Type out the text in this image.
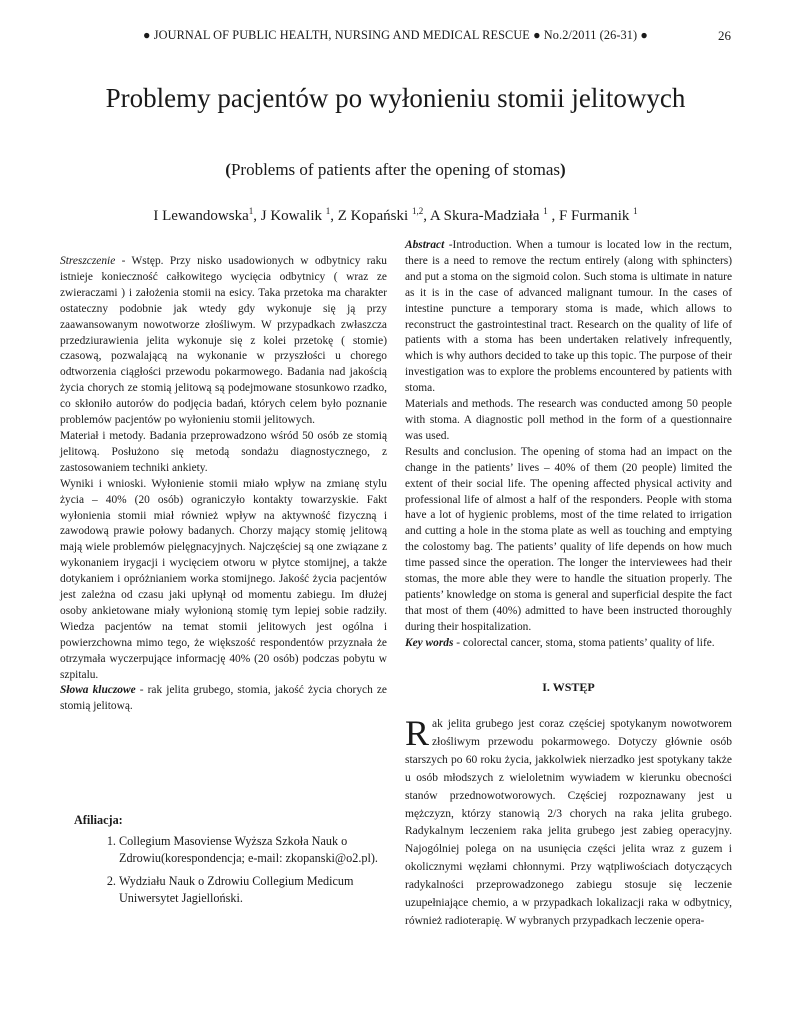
● JOURNAL OF PUBLIC HEALTH, NURSING AND MEDICAL RESCUE ● No.2/2011 (26-31) ●	26
Problemy pacjentów po wyłonieniu stomii jelitowych
(Problems of patients after the opening of stomas)
I Lewandowska$^1$, J Kowalik $^1$, Z Kopański $^{1,2}$, A Skura-Madziała $^1$ , F Furmanik $^1$

Streszczenie - Wstęp. Przy nisko usadowionych w odbytnicy raku istnieje konieczność całkowitego wycięcia odbytnicy ( wraz ze zwieraczami ) i założenia stomii na esicy. Taka przetoka ma charakter ostateczny podobnie jak wtedy gdy wykonuje się ją przy zaawansowanym nowotworze złośliwym. W przypadkach zwłaszcza przedziurawienia jelita wykonuje się z kolei przetokę ( stomie) czasową, pozwalającą na wykonanie w przyszłości u chorego odtworzenia ciągłości przewodu pokarmowego. Badania nad jakością życia chorych ze stomią jelitową są podejmowane stosunkowo rzadko, co skłoniło autorów do podjęcia badań, których celem było poznanie problemów pacjentów po wyłonieniu stomii jelitowych.

Materiał i metody. Badania przeprowadzono wśród 50 osób ze stomią jelitową. Posłużono się metodą sondażu diagnostycznego, z zastosowaniem techniki ankiety.

Wyniki i wnioski. Wyłonienie stomii miało wpływ na zmianę stylu życia – 40% (20 osób) ograniczyło kontakty towarzyskie. Fakt wyłonienia stomii miał również wpływ na aktywność fizyczną i zawodową prawie połowy badanych. Chorzy mający stomię jelitową mają wiele problemów pielęgnacyjnych. Najczęściej są one związane z wykonaniem irygacji i wycięciem otworu w płytce stomijnej, a także dotykaniem i opróżnianiem worka stomijnego. Jakość życia pacjentów jest zależna od czasu jaki upłynął od momentu zabiegu. Im dłużej osoby ankietowane miały wyłonioną stomię tym lepiej sobie radziły. Wiedza pacjentów na temat stomii jelitowych jest ogólna i powierzchowna mimo tego, że większość respondentów przyznała że otrzymała wyczerpujące informację 40% (20 osób) podczas pobytu w szpitalu.

Słowa kluczowe - rak jelita grubego, stomia, jakość życia chorych ze stomią jelitową.

Abstract -Introduction. When a tumour is located low in the rectum, there is a need to remove the rectum entirely (along with sphincters) and put a stoma on the sigmoid colon. Such stoma is ultimate in nature as it is in the case of advanced malignant tumour. In the cases of intestine puncture a temporary stoma is made, which allows to reconstruct the gastrointestinal tract. Research on the quality of life of patients with a stoma has been undertaken relatively infrequently, which is why authors decided to take up this topic. The purpose of their investigation was to explore the problems encountered by patients with stoma.

Materials and methods. The research was conducted among 50 people with stoma. A diagnostic poll method in the form of a questionnaire was used.

Results and conclusion. The opening of stoma had an impact on the change in the patients’ lives – 40% of them (20 people) limited the extent of their social life. The opening affected physical activity and professional life of almost a half of the responders. People with stoma have a lot of hygienic problems, most of the time related to irrigation and cutting a hole in the stoma plate as well as touching and emptying the colostomy bag. The patients’ quality of life depends on how much time passed since the operation. The longer the interviewees had their stomas, the more able they were to handle the situation properly. The patients’ knowledge on stoma is general and superficial despite the fact that most of them (40%) admitted to have been instructed thoroughly during their hospitalization.

Key words - colorectal cancer, stoma, stoma patients’ quality of life.

I. WSTĘP

Rak jelita grubego jest coraz częściej spotykanym nowotworem złośliwym przewodu pokarmowego. Dotyczy głównie osób starszych po 60 roku życia, jakkolwiek nierzadko jest spotykany także u osób młodszych z wieloletnim wywiadem w kierunku obecności stanów przednowotworowych. Częściej rozpoznawany jest u mężczyzn, którzy stanowią 2/3 chorych na raka jelita grubego. Radykalnym leczeniem raka jelita grubego jest zabieg operacyjny. Najogólniej polega on na usunięcia części jelita wraz z guzem i okolicznymi węzłami chłonnymi. Przy wątpliwościach dotyczących radykalności przeprowadzonego zabiegu stosuje się leczenie uzupełniające chemio, a w przypadkach lokalizacji raka w odbytnicy, również radioterapię. W wybranych przypadkach leczenie opera-

Afiliacja:
1. Collegium Masoviense Wyższa Szkoła Nauk o Zdrowiu(korespondencja; e-mail: zkopanski@o2.pl).
2. Wydziału Nauk o Zdrowiu Collegium Medicum Uniwersytet Jagielloński.
